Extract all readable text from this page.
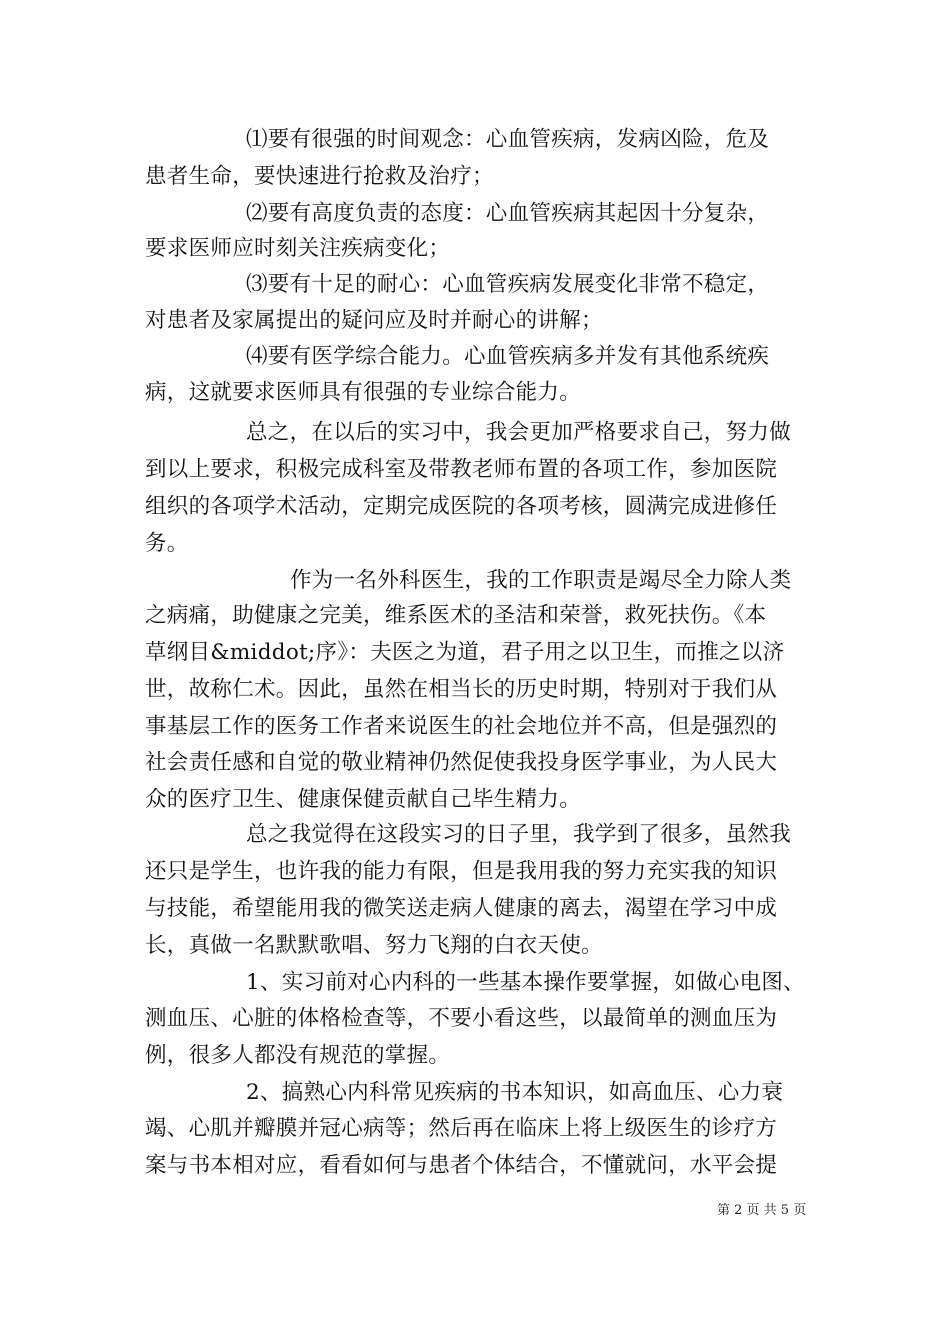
⑴要有很强的时间观念：心血管疾病，发病凶险，危及
患者生命，要快速进行抢救及治疗；
⑵要有高度负责的态度：心血管疾病其起因十分复杂，
要求医师应时刻关注疾病变化；
⑶要有十足的耐心：心血管疾病发展变化非常不稳定，
对患者及家属提出的疑问应及时并耐心的讲解；
⑷要有医学综合能力。心血管疾病多并发有其他系统疾
病，这就要求医师具有很强的专业综合能力。
总之，在以后的实习中，我会更加严格要求自己，努力做
到以上要求，积极完成科室及带教老师布置的各项工作，参加医院
组织的各项学术活动，定期完成医院的各项考核，圆满完成进修任
务。
作为一名外科医生，我的工作职责是竭尽全力除人类
之病痛，助健康之完美，维系医术的圣洁和荣誉，救死扶伤。《本
草纲目&middot;序》：夫医之为道，君子用之以卫生，而推之以济
世，故称仁术。因此，虽然在相当长的历史时期，特别对于我们从
事基层工作的医务工作者来说医生的社会地位并不高，但是强烈的
社会责任感和自觉的敬业精神仍然促使我投身医学事业，为人民大
众的医疗卫生、健康保健贡献自己毕生精力。
总之我觉得在这段实习的日子里，我学到了很多，虽然我
还只是学生，也许我的能力有限，但是我用我的努力充实我的知识
与技能，希望能用我的微笑送走病人健康的离去，渴望在学习中成
长，真做一名默默歌唱、努力飞翔的白衣天使。
1、实习前对心内科的一些基本操作要掌握，如做心电图、
测血压、心脏的体格检查等，不要小看这些，以最简单的测血压为
例，很多人都没有规范的掌握。
2、搞熟心内科常见疾病的书本知识，如高血压、心力衰
竭、心肌并瓣膜并冠心病等；然后再在临床上将上级医生的诊疗方
案与书本相对应，看看如何与患者个体结合，不懂就问，水平会提
第 2 页 共 5 页
